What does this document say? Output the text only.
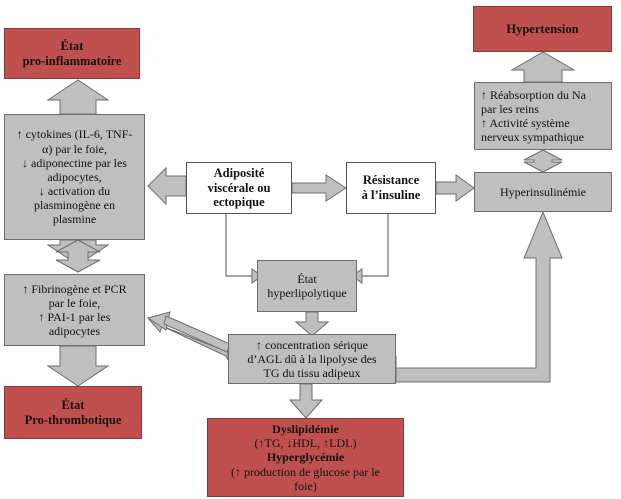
État
pro-inflammatoire
Hypertension
↑ cytokines (IL-6, TNF-
α) par le foie,
↓ adiponectine par les
adipocytes,
↓ activation du
plasminogène en
plasmine
↑ Réabsorption du Na
par les reins
↑ Activité système
nerveux sympathique
Adiposité
viscérale ou
ectopique
Résistance
à l’insuline	Hyperinsulinémie
État
hyperlipolytique
↑ Fibrinogène et PCR
par le foie,
↑ PAI-1 par les
adipocytes
↑ concentration sérique
d’AGL dû à la lipolyse des
TG du tissu adipeux
État
Pro-thrombotique
Dyslipidémie
(↑TG, ↓HDL, ↑LDL)
Hyperglycémie
(↑ production de glucose par le
foie)
